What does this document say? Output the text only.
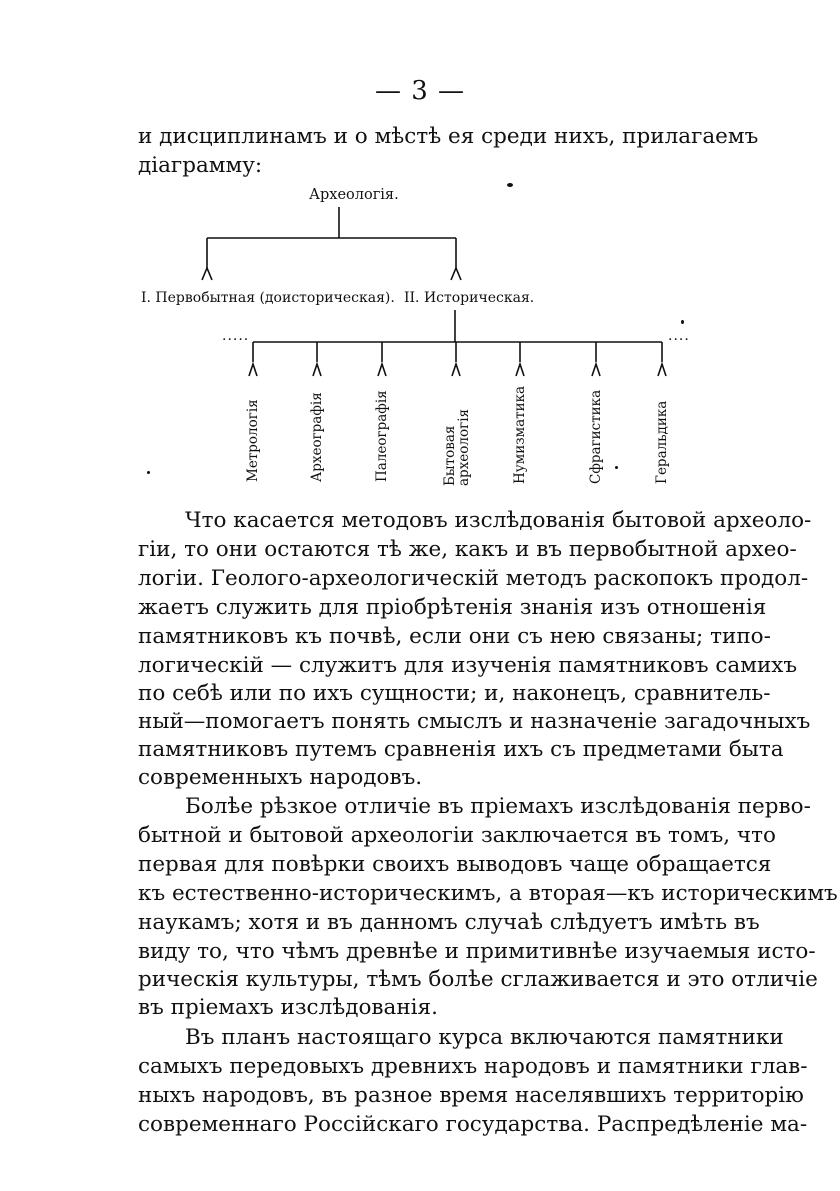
— 3 —
и дисциплинамъ и о мѣстѣ ея среди нихъ, прилагаемъ
діаграмму:
Археологія.
I. Первобытная (доисторическая). II. Историческая.
.....	....
Метрологія	Археографія	Палеографія	Бытовая
археологія	Нумизматика	Сфрагистика	Геральдика
Что касается методовъ изслѣдованія бытовой археоло-
гіи, то они остаются тѣ же, какъ и въ первобытной архео-
логіи. Геолого-археологическій методъ раскопокъ продол-
жаетъ служить для пріобрѣтенія знанія изъ отношенія
памятниковъ къ почвѣ, если они съ нею связаны; типо-
логическій — служитъ для изученія памятниковъ самихъ
по себѣ или по ихъ сущности; и, наконецъ, сравнитель-
ный—помогаетъ понять смыслъ и назначеніе загадочныхъ
памятниковъ путемъ сравненія ихъ съ предметами быта
современныхъ народовъ.
Болѣе рѣзкое отличіе въ пріемахъ изслѣдованія перво-
бытной и бытовой археологіи заключается въ томъ, что
первая для повѣрки своихъ выводовъ чаще обращается
къ естественно-историческимъ, а вторая—къ историческимъ
наукамъ; хотя и въ данномъ случаѣ слѣдуетъ имѣть въ
виду то, что чѣмъ древнѣе и примитивнѣе изучаемыя исто-
рическія культуры, тѣмъ болѣе сглаживается и это отличіе
въ пріемахъ изслѣдованія.
Въ планъ настоящаго курса включаются памятники
самыхъ передовыхъ древнихъ народовъ и памятники глав-
ныхъ народовъ, въ разное время населявшихъ территорію
современнаго Россійскаго государства. Распредѣленіе ма-
